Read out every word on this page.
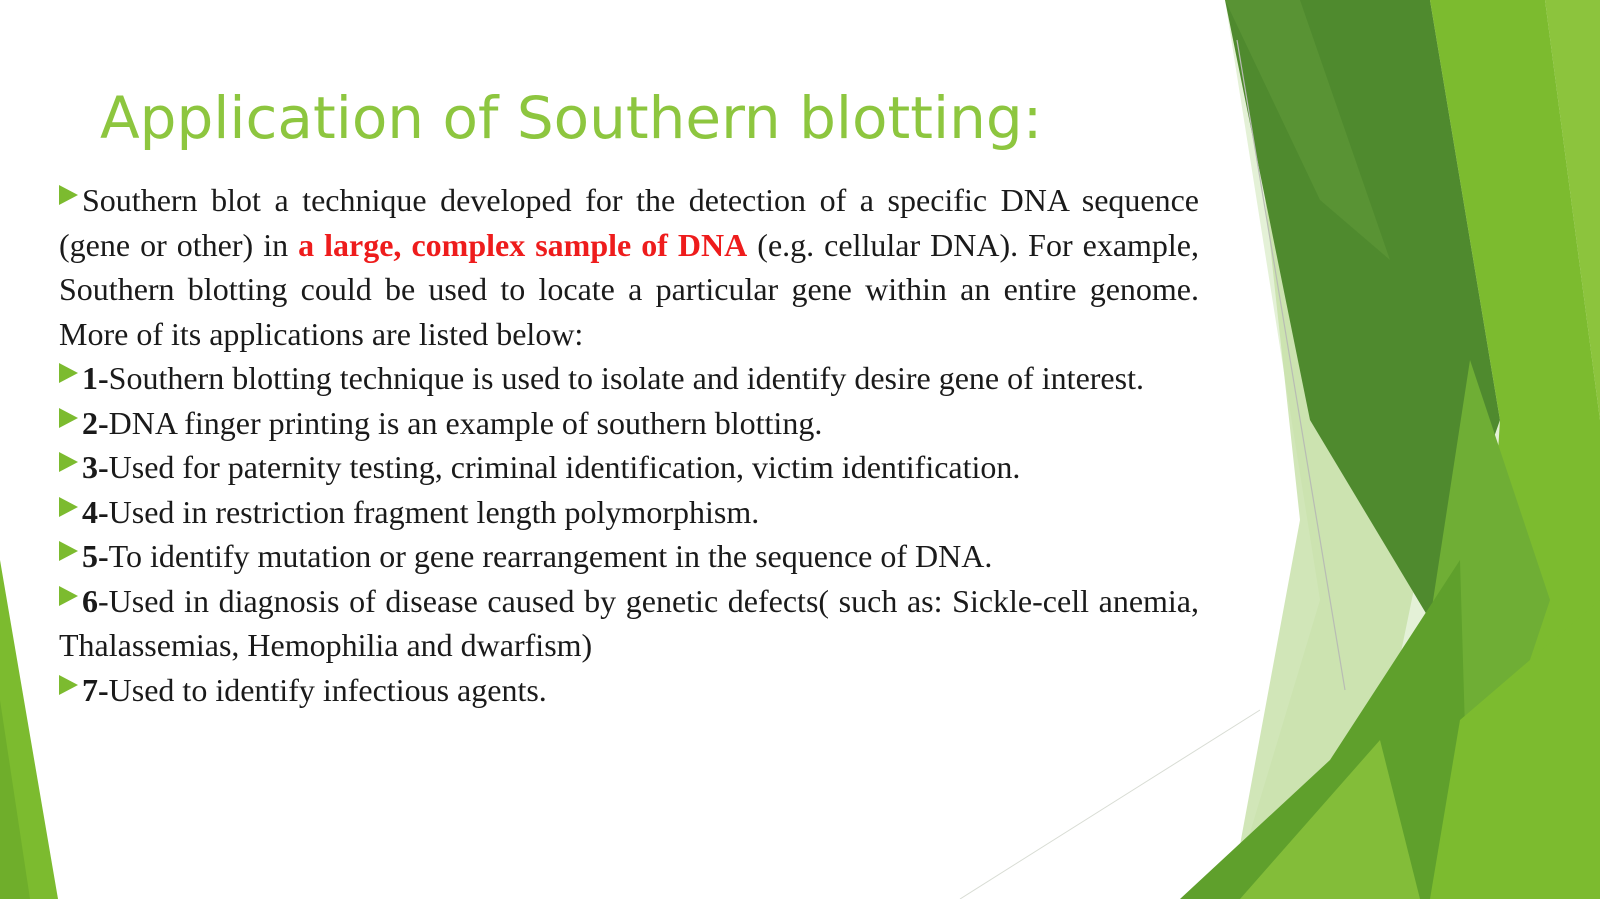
Application of Southern blotting:

Southern blot a technique developed for the detection of a specific DNA sequence (gene or other) in a large, complex sample of DNA (e.g. cellular DNA). For example, Southern blotting could be used to locate a particular gene within an entire genome. More of its applications are listed below:

1-Southern blotting technique is used to isolate and identify desire gene of interest.

2-DNA finger printing is an example of southern blotting.

3-Used for paternity testing, criminal identification, victim identification.

4-Used in restriction fragment length polymorphism.

5-To identify mutation or gene rearrangement in the sequence of DNA.

6-Used in diagnosis of disease caused by genetic defects( such as: Sickle-cell anemia, Thalassemias, Hemophilia and dwarfism)

7-Used to identify infectious agents.
